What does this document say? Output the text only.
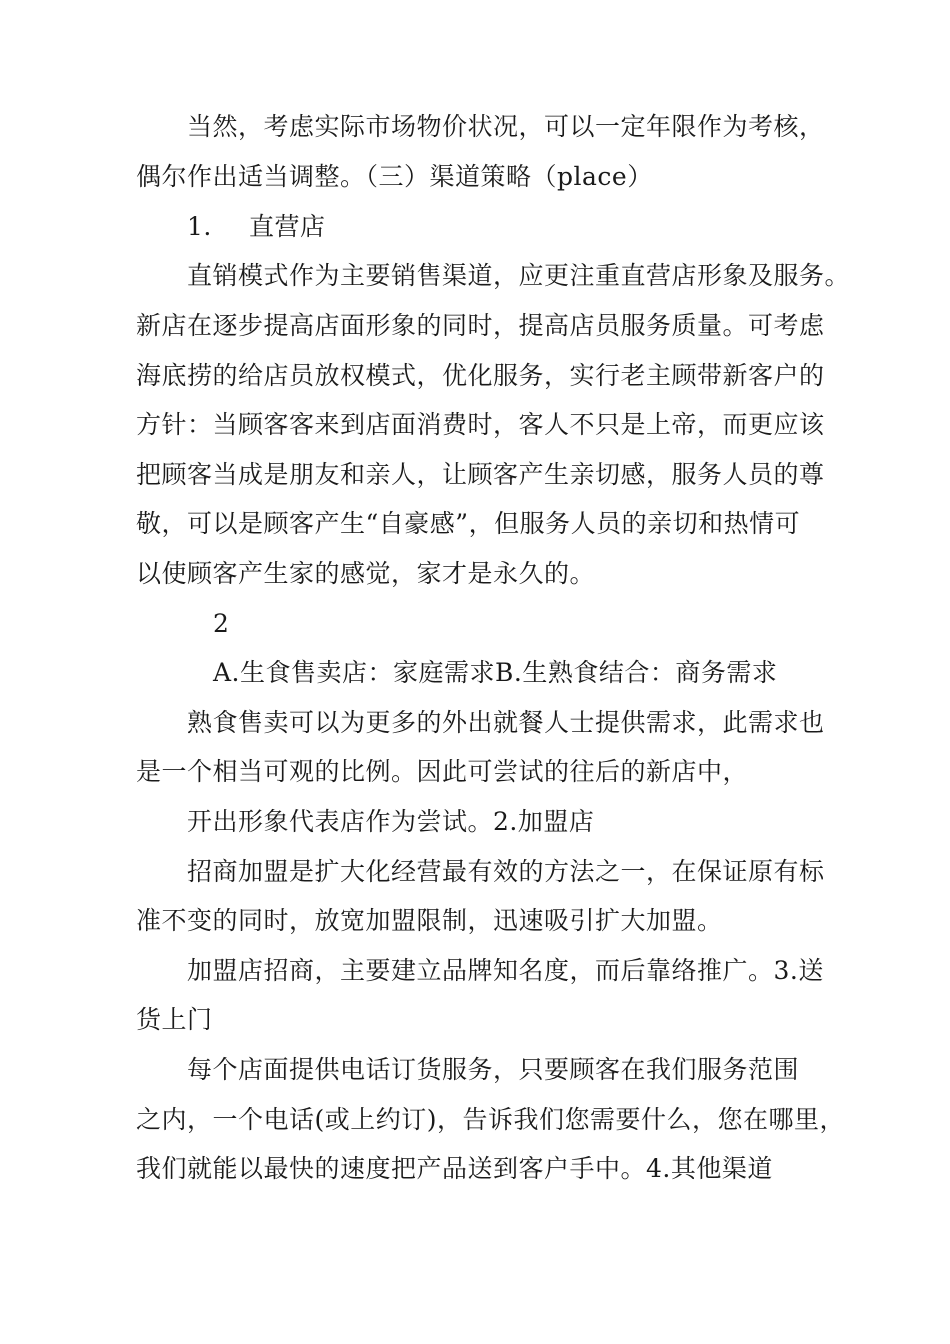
当然，考虑实际市场物价状况，可以一定年限作为考核，
偶尔作出适当调整。（三）渠道策略（place）
1. 直营店
直销模式作为主要销售渠道，应更注重直营店形象及服务。
新店在逐步提高店面形象的同时，提高店员服务质量。可考虑
海底捞的给店员放权模式，优化服务，实行老主顾带新客户的
方针：当顾客客来到店面消费时，客人不只是上帝，而更应该
把顾客当成是朋友和亲人，让顾客产生亲切感，服务人员的尊
敬，可以是顾客产生“自豪感”，但服务人员的亲切和热情可
以使顾客产生家的感觉，家才是永久的。
2
A.生食售卖店：家庭需求B.生熟食结合：商务需求
熟食售卖可以为更多的外出就餐人士提供需求，此需求也
是一个相当可观的比例。因此可尝试的往后的新店中，
开出形象代表店作为尝试。2.加盟店
招商加盟是扩大化经营最有效的方法之一，在保证原有标
准不变的同时，放宽加盟限制，迅速吸引扩大加盟。
加盟店招商，主要建立品牌知名度，而后靠络推广。3.送
货上门
每个店面提供电话订货服务，只要顾客在我们服务范围
之内，一个电话(或上约订)，告诉我们您需要什么，您在哪里，
我们就能以最快的速度把产品送到客户手中。4.其他渠道
